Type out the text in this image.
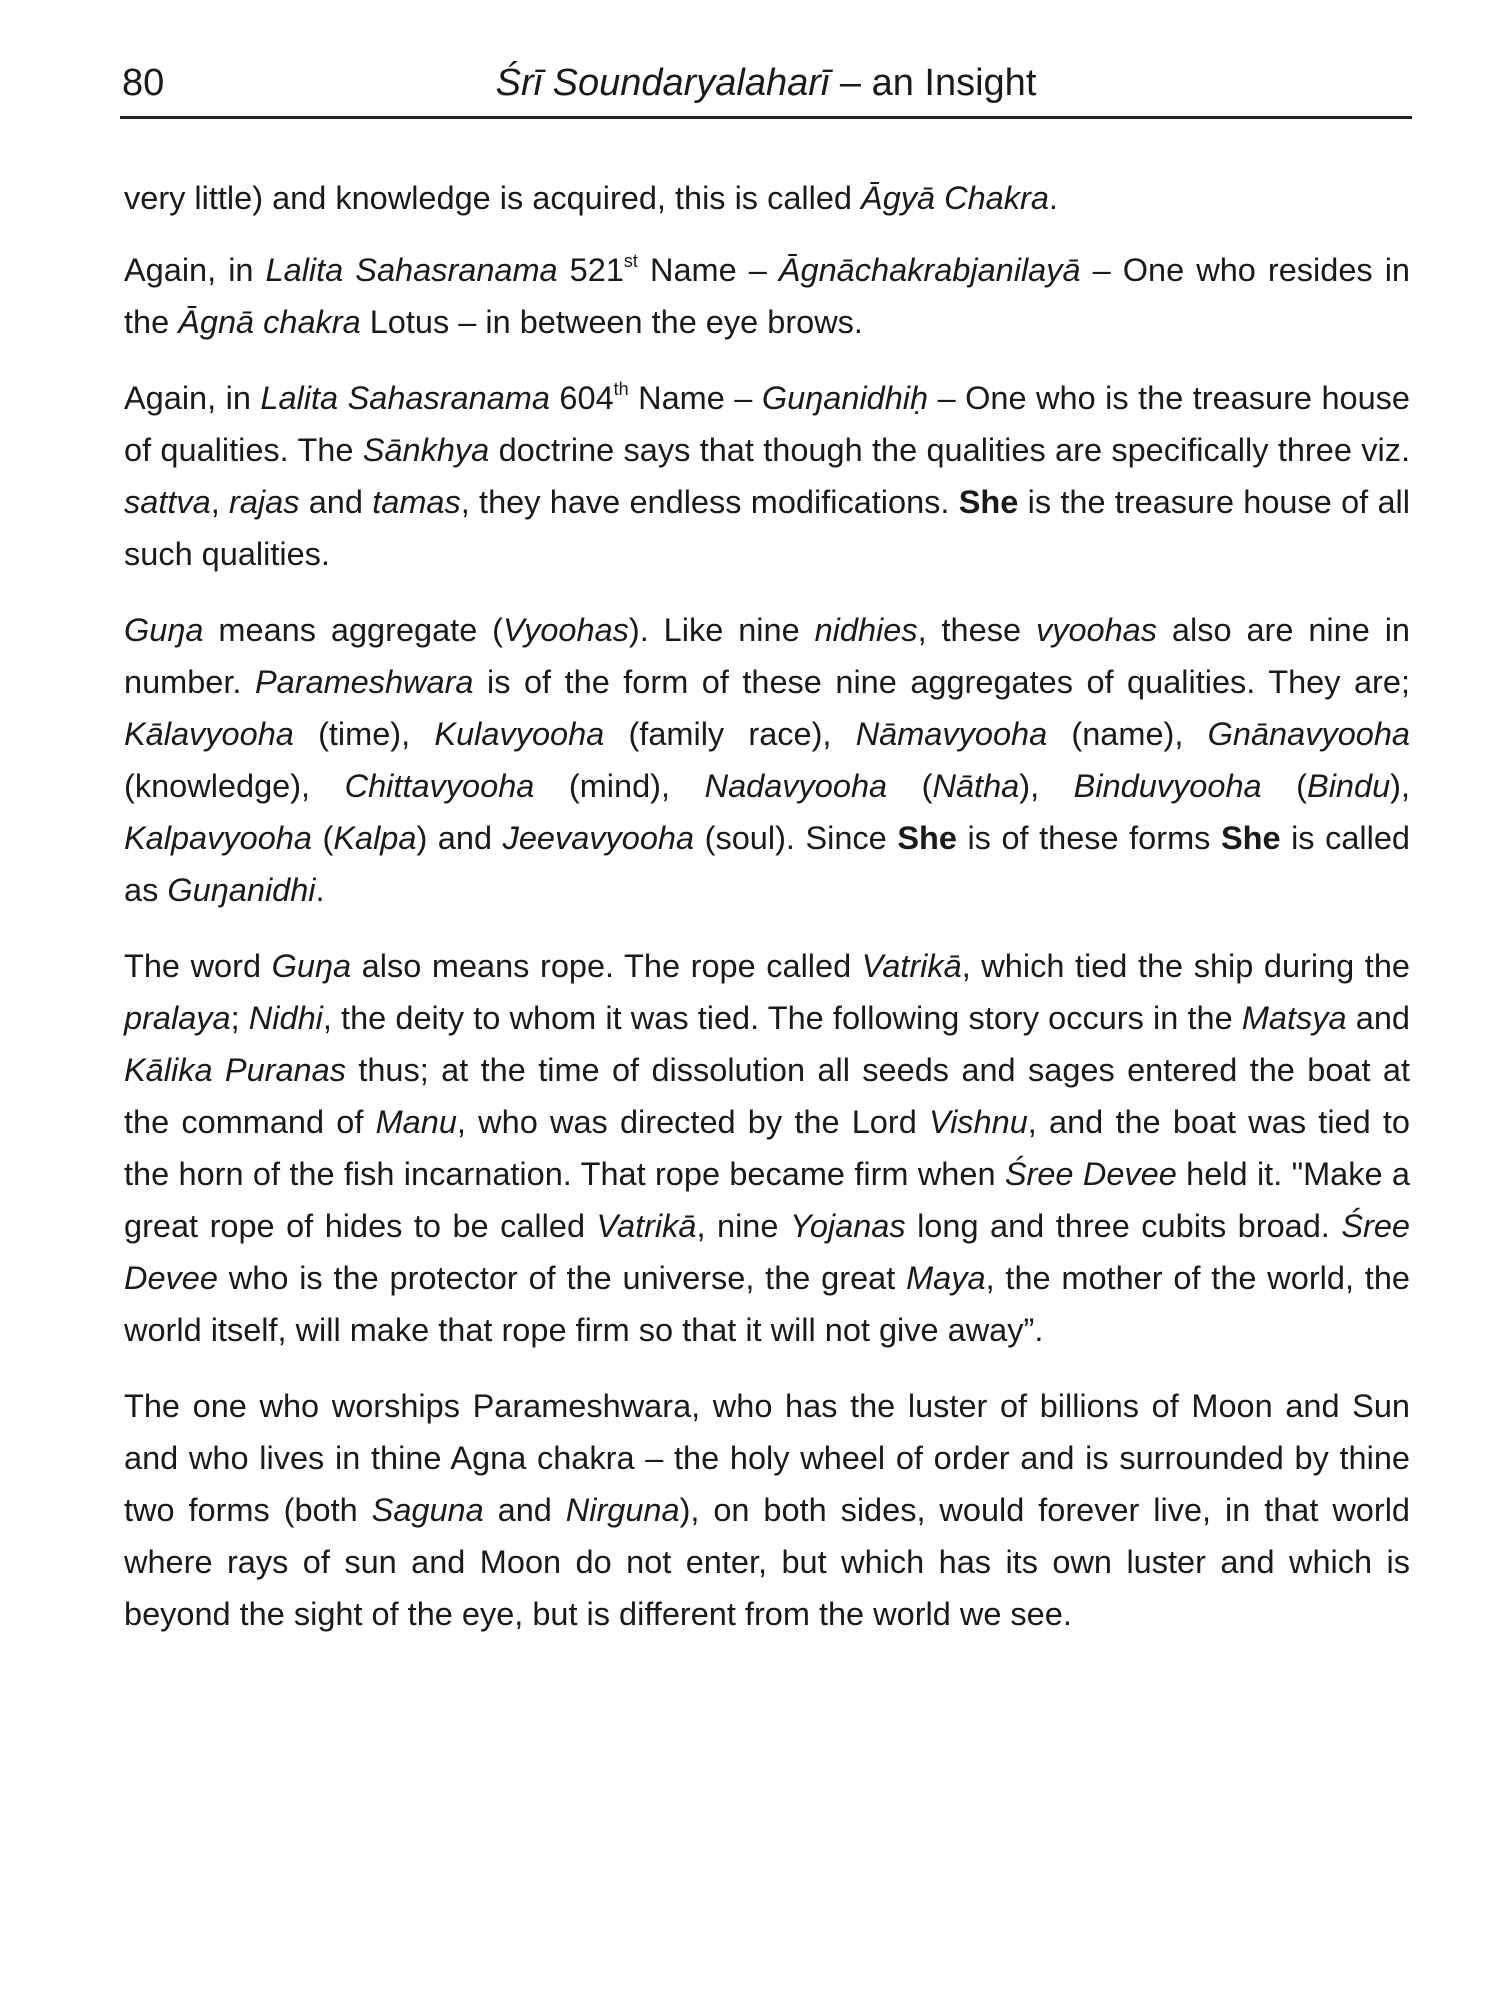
80	Śrī Soundaryalaharī – an Insight

very little) and knowledge is acquired, this is called Āgyā Chakra.

Again, in Lalita Sahasranama 521st Name – Āgnāchakrabjanilayā – One who resides in the Āgnā chakra Lotus – in between the eye brows.

Again, in Lalita Sahasranama 604th Name – Guŋanidhiḥ – One who is the treasure house of qualities. The Sānkhya doctrine says that though the qualities are specifically three viz. sattva, rajas and tamas, they have endless modifications. She is the treasure house of all such qualities.

Guŋa means aggregate (Vyoohas). Like nine nidhies, these vyoohas also are nine in number. Parameshwara is of the form of these nine aggregates of qualities. They are; Kālavyooha (time), Kulavyooha (family race), Nāmavyooha (name), Gnānavyooha (knowledge), Chittavyooha (mind), Nadavyooha (Nātha), Binduvyooha (Bindu), Kalpavyooha (Kalpa) and Jeevavyooha (soul). Since She is of these forms She is called as Guŋanidhi.

The word Guŋa also means rope. The rope called Vatrikā, which tied the ship during the pralaya; Nidhi, the deity to whom it was tied. The following story occurs in the Matsya and Kālika Puranas thus; at the time of dissolution all seeds and sages entered the boat at the command of Manu, who was directed by the Lord Vishnu, and the boat was tied to the horn of the fish incarnation. That rope became firm when Śree Devee held it. "Make a great rope of hides to be called Vatrikā, nine Yojanas long and three cubits broad. Śree Devee who is the protector of the universe, the great Maya, the mother of the world, the world itself, will make that rope firm so that it will not give away”.

The one who worships Parameshwara, who has the luster of billions of Moon and Sun and who lives in thine Agna chakra – the holy wheel of order and is surrounded by thine two forms (both Saguna and Nirguna), on both sides, would forever live, in that world where rays of sun and Moon do not enter, but which has its own luster and which is beyond the sight of the eye, but is different from the world we see.
